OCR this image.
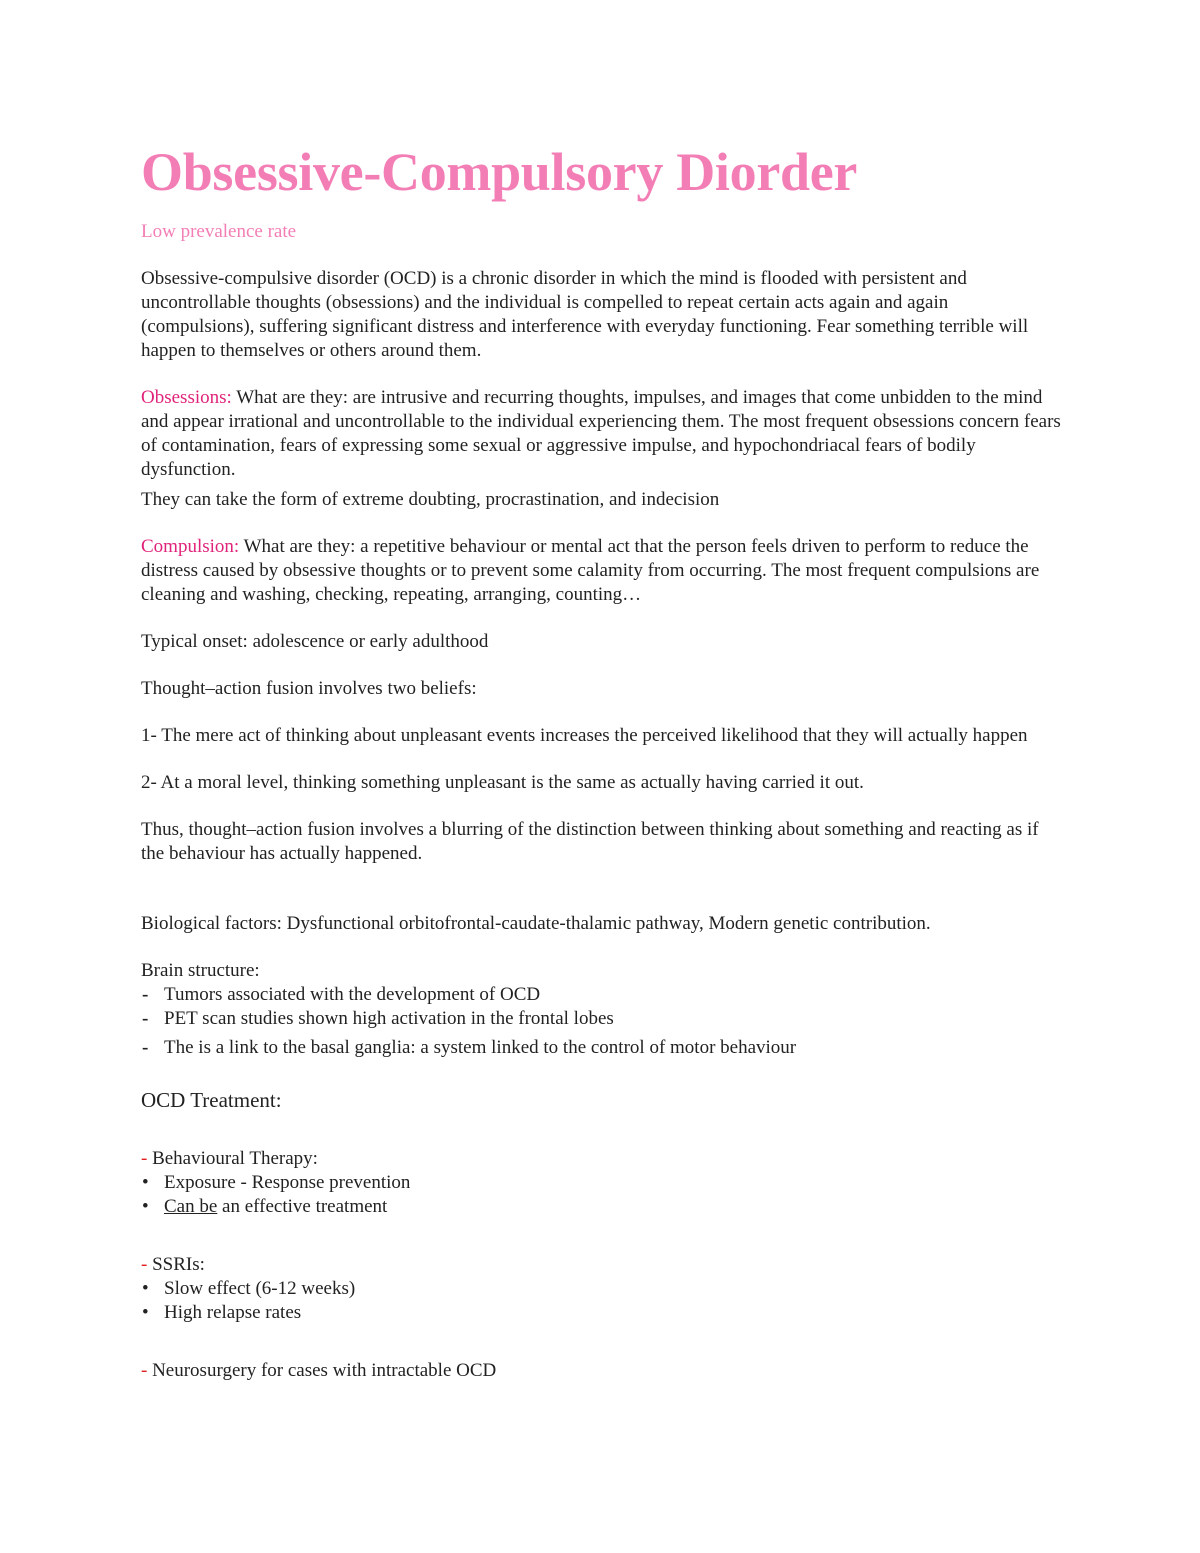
Obsessive-Compulsory Diorder

Low prevalence rate

Obsessive-compulsive disorder (OCD) is a chronic disorder in which the mind is flooded with persistent and uncontrollable thoughts (obsessions) and the individual is compelled to repeat certain acts again and again (compulsions), suffering significant distress and interference with everyday functioning. Fear something terrible will happen to themselves or others around them.

Obsessions: What are they: are intrusive and recurring thoughts, impulses, and images that come unbidden to the mind and appear irrational and uncontrollable to the individual experiencing them. The most frequent obsessions concern fears of contamination, fears of expressing some sexual or aggressive impulse, and hypochondriacal fears of bodily dysfunction.

They can take the form of extreme doubting, procrastination, and indecision

Compulsion: What are they: a repetitive behaviour or mental act that the person feels driven to perform to reduce the distress caused by obsessive thoughts or to prevent some calamity from occurring. The most frequent compulsions are cleaning and washing, checking, repeating, arranging, counting…

Typical onset: adolescence or early adulthood

Thought–action fusion involves two beliefs:

1- The mere act of thinking about unpleasant events increases the perceived likelihood that they will actually happen

2- At a moral level, thinking something unpleasant is the same as actually having carried it out.

Thus, thought–action fusion involves a blurring of the distinction between thinking about something and reacting as if the behaviour has actually happened.

Biological factors: Dysfunctional orbitofrontal-caudate-thalamic pathway, Modern genetic contribution.

Brain structure:

- Tumors associated with the development of OCD
- PET scan studies shown high activation in the frontal lobes
- The is a link to the basal ganglia: a system linked to the control of motor behaviour

OCD Treatment:

- Behavioural Therapy:

• Exposure - Response prevention
• Can be an effective treatment

- SSRIs:

• Slow effect (6-12 weeks)
• High relapse rates

- Neurosurgery for cases with intractable OCD
